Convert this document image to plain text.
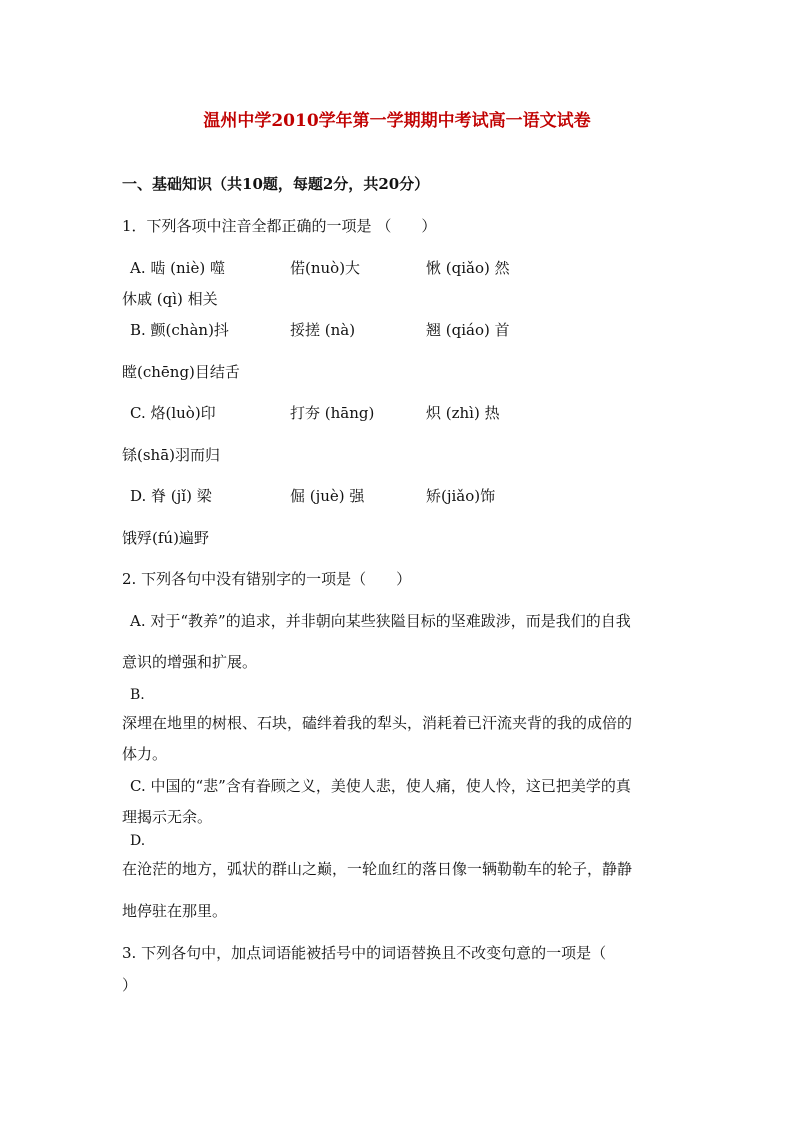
温州中学2010学年第一学期期中考试高一语文试卷
一、基础知识（共10题，每题2分，共20分）
1．下列各项中注音全都正确的一项是 （　　）
A. 啮 (niè) 噬	偌(nuò)大	愀 (qiǎo) 然
休戚 (qì) 相关
B. 颤(chàn)抖	挼搓 (nà)	翘 (qiáo) 首
瞠(chēng)目结舌
C. 烙(luò)印	打夯 (hāng)	炽 (zhì) 热
铩(shā)羽而归
D. 脊 (jǐ) 梁	倔 (juè) 强	矫(jiǎo)饰
饿殍(fú)遍野
2. 下列各句中没有错别字的一项是（　　）
A. 对于“教养”的追求，并非朝向某些狭隘目标的坚难跋涉，而是我们的自我
意识的增强和扩展。
B.
深埋在地里的树根、石块，磕绊着我的犁头，消耗着已汗流夹背的我的成倍的
体力。
C. 中国的“悲”含有眷顾之义，美使人悲，使人痛，使人怜，这已把美学的真
理揭示无余。
D.
在沧茫的地方，弧状的群山之巅，一轮血红的落日像一辆勒勒车的轮子，静静
地停驻在那里。
3. 下列各句中，加点词语能被括号中的词语替换且不改变句意的一项是（
）
